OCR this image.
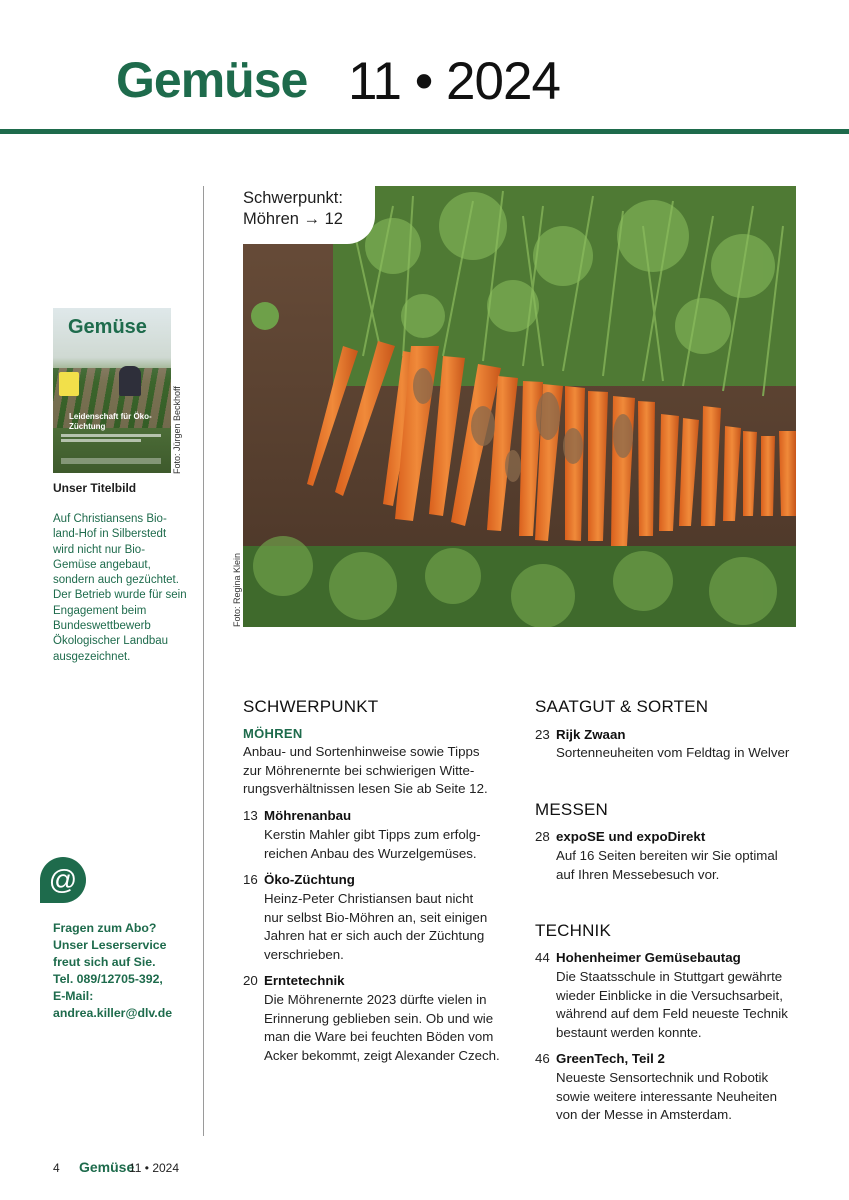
Gemüse 11 • 2024
Gemüse
Leidenschaft für Öko-Züchtung	Foto: Jürgen Beckhoff
Unser Titelbild
Auf Christiansens Bio-land-Hof in Silberstedt wird nicht nur Bio-Gemüse angebaut, sondern auch gezüchtet. Der Betrieb wurde für sein Engagement beim Bundeswettbewerb Ökologischer Landbau ausgezeichnet.
@
Fragen zum Abo?
Unser Leserservice
freut sich auf Sie.
Tel. 089/12705-392,
E-Mail:
andrea.killer@dlv.de
Schwerpunkt:
Möhren → 12
Foto: Regina Klein
SCHWERPUNKT
MÖHREN
Anbau- und Sortenhinweise sowie Tipps
zur Möhrenernte bei schwierigen Witte-
rungsverhältnissen lesen Sie ab Seite 12.
13 Möhrenanbau
Kerstin Mahler gibt Tipps zum erfolg-
reichen Anbau des Wurzelgemüses.
16 Öko-Züchtung
Heinz-Peter Christiansen baut nicht
nur selbst Bio-Möhren an, seit einigen
Jahren hat er sich auch der Züchtung
verschrieben.
20 Erntetechnik
Die Möhrenernte 2023 dürfte vielen in
Erinnerung geblieben sein. Ob und wie
man die Ware bei feuchten Böden vom
Acker bekommt, zeigt Alexander Czech.
SAATGUT & SORTEN
23 Rijk Zwaan
Sortenneuheiten vom Feldtag in Welver
MESSEN
28 expoSE und expoDirekt
Auf 16 Seiten bereiten wir Sie optimal
auf Ihren Messebesuch vor.
TECHNIK
44 Hohenheimer Gemüsebautag
Die Staatsschule in Stuttgart gewährte
wieder Einblicke in die Versuchsarbeit,
während auf dem Feld neueste Technik
bestaunt werden konnte.
46 GreenTech, Teil 2
Neueste Sensortechnik und Robotik
sowie weitere interessante Neuheiten
von der Messe in Amsterdam.
4 Gemüse
11 • 2024
